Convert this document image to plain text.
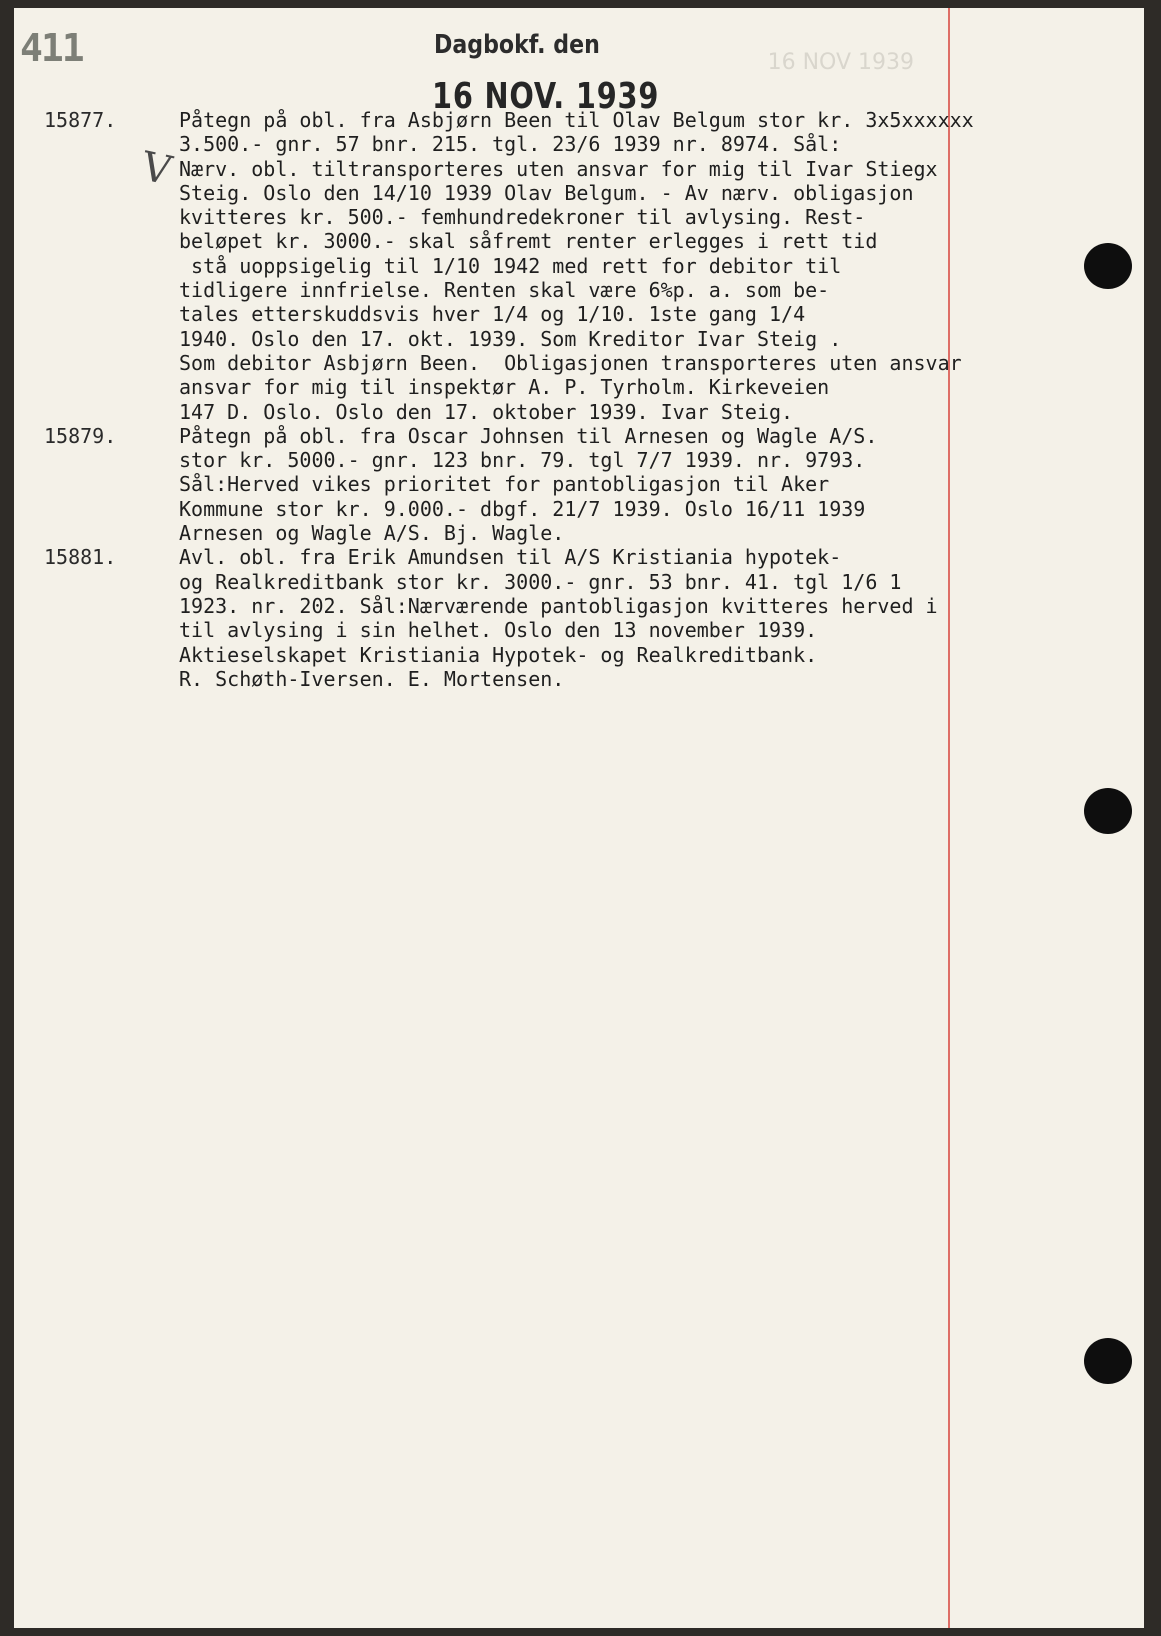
411	16 NOV 1939
Dagbokf. den
16 NOV. 1939
V
15877.	Påtegn på obl. fra Asbjørn Been til Olav Belgum stor kr. 3x5xxxxxx
3.500.- gnr. 57 bnr. 215. tgl. 23/6 1939 nr. 8974. Sål:
Nærv. obl. tiltransporteres uten ansvar for mig til Ivar Stiegx
Steig. Oslo den 14/10 1939 Olav Belgum. - Av nærv. obligasjon
kvitteres kr. 500.- femhundredekroner til avlysing. Rest-
beløpet kr. 3000.- skal såfremt renter erlegges i rett tid
stå uoppsigelig til 1/10 1942 med rett for debitor til
tidligere innfrielse. Renten skal være 6%p. a. som be-
tales etterskuddsvis hver 1/4 og 1/10. 1ste gang 1/4
1940. Oslo den 17. okt. 1939. Som Kreditor Ivar Steig .
Som debitor Asbjørn Been.  Obligasjonen transporteres uten ansvar
ansvar for mig til inspektør A. P. Tyrholm. Kirkeveien
147 D. Oslo. Oslo den 17. oktober 1939. Ivar Steig.
15879.	Påtegn på obl. fra Oscar Johnsen til Arnesen og Wagle A/S.
stor kr. 5000.- gnr. 123 bnr. 79. tgl 7/7 1939. nr. 9793.
Sål:Herved vikes prioritet for pantobligasjon til Aker
Kommune stor kr. 9.000.- dbgf. 21/7 1939. Oslo 16/11 1939
Arnesen og Wagle A/S. Bj. Wagle.
15881.	Avl. obl. fra Erik Amundsen til A/S Kristiania hypotek-
og Realkreditbank stor kr. 3000.- gnr. 53 bnr. 41. tgl 1/6 1
1923. nr. 202. Sål:Nærværende pantobligasjon kvitteres herved i
til avlysing i sin helhet. Oslo den 13 november 1939.
Aktieselskapet Kristiania Hypotek- og Realkreditbank.
R. Schøth-Iversen. E. Mortensen.
